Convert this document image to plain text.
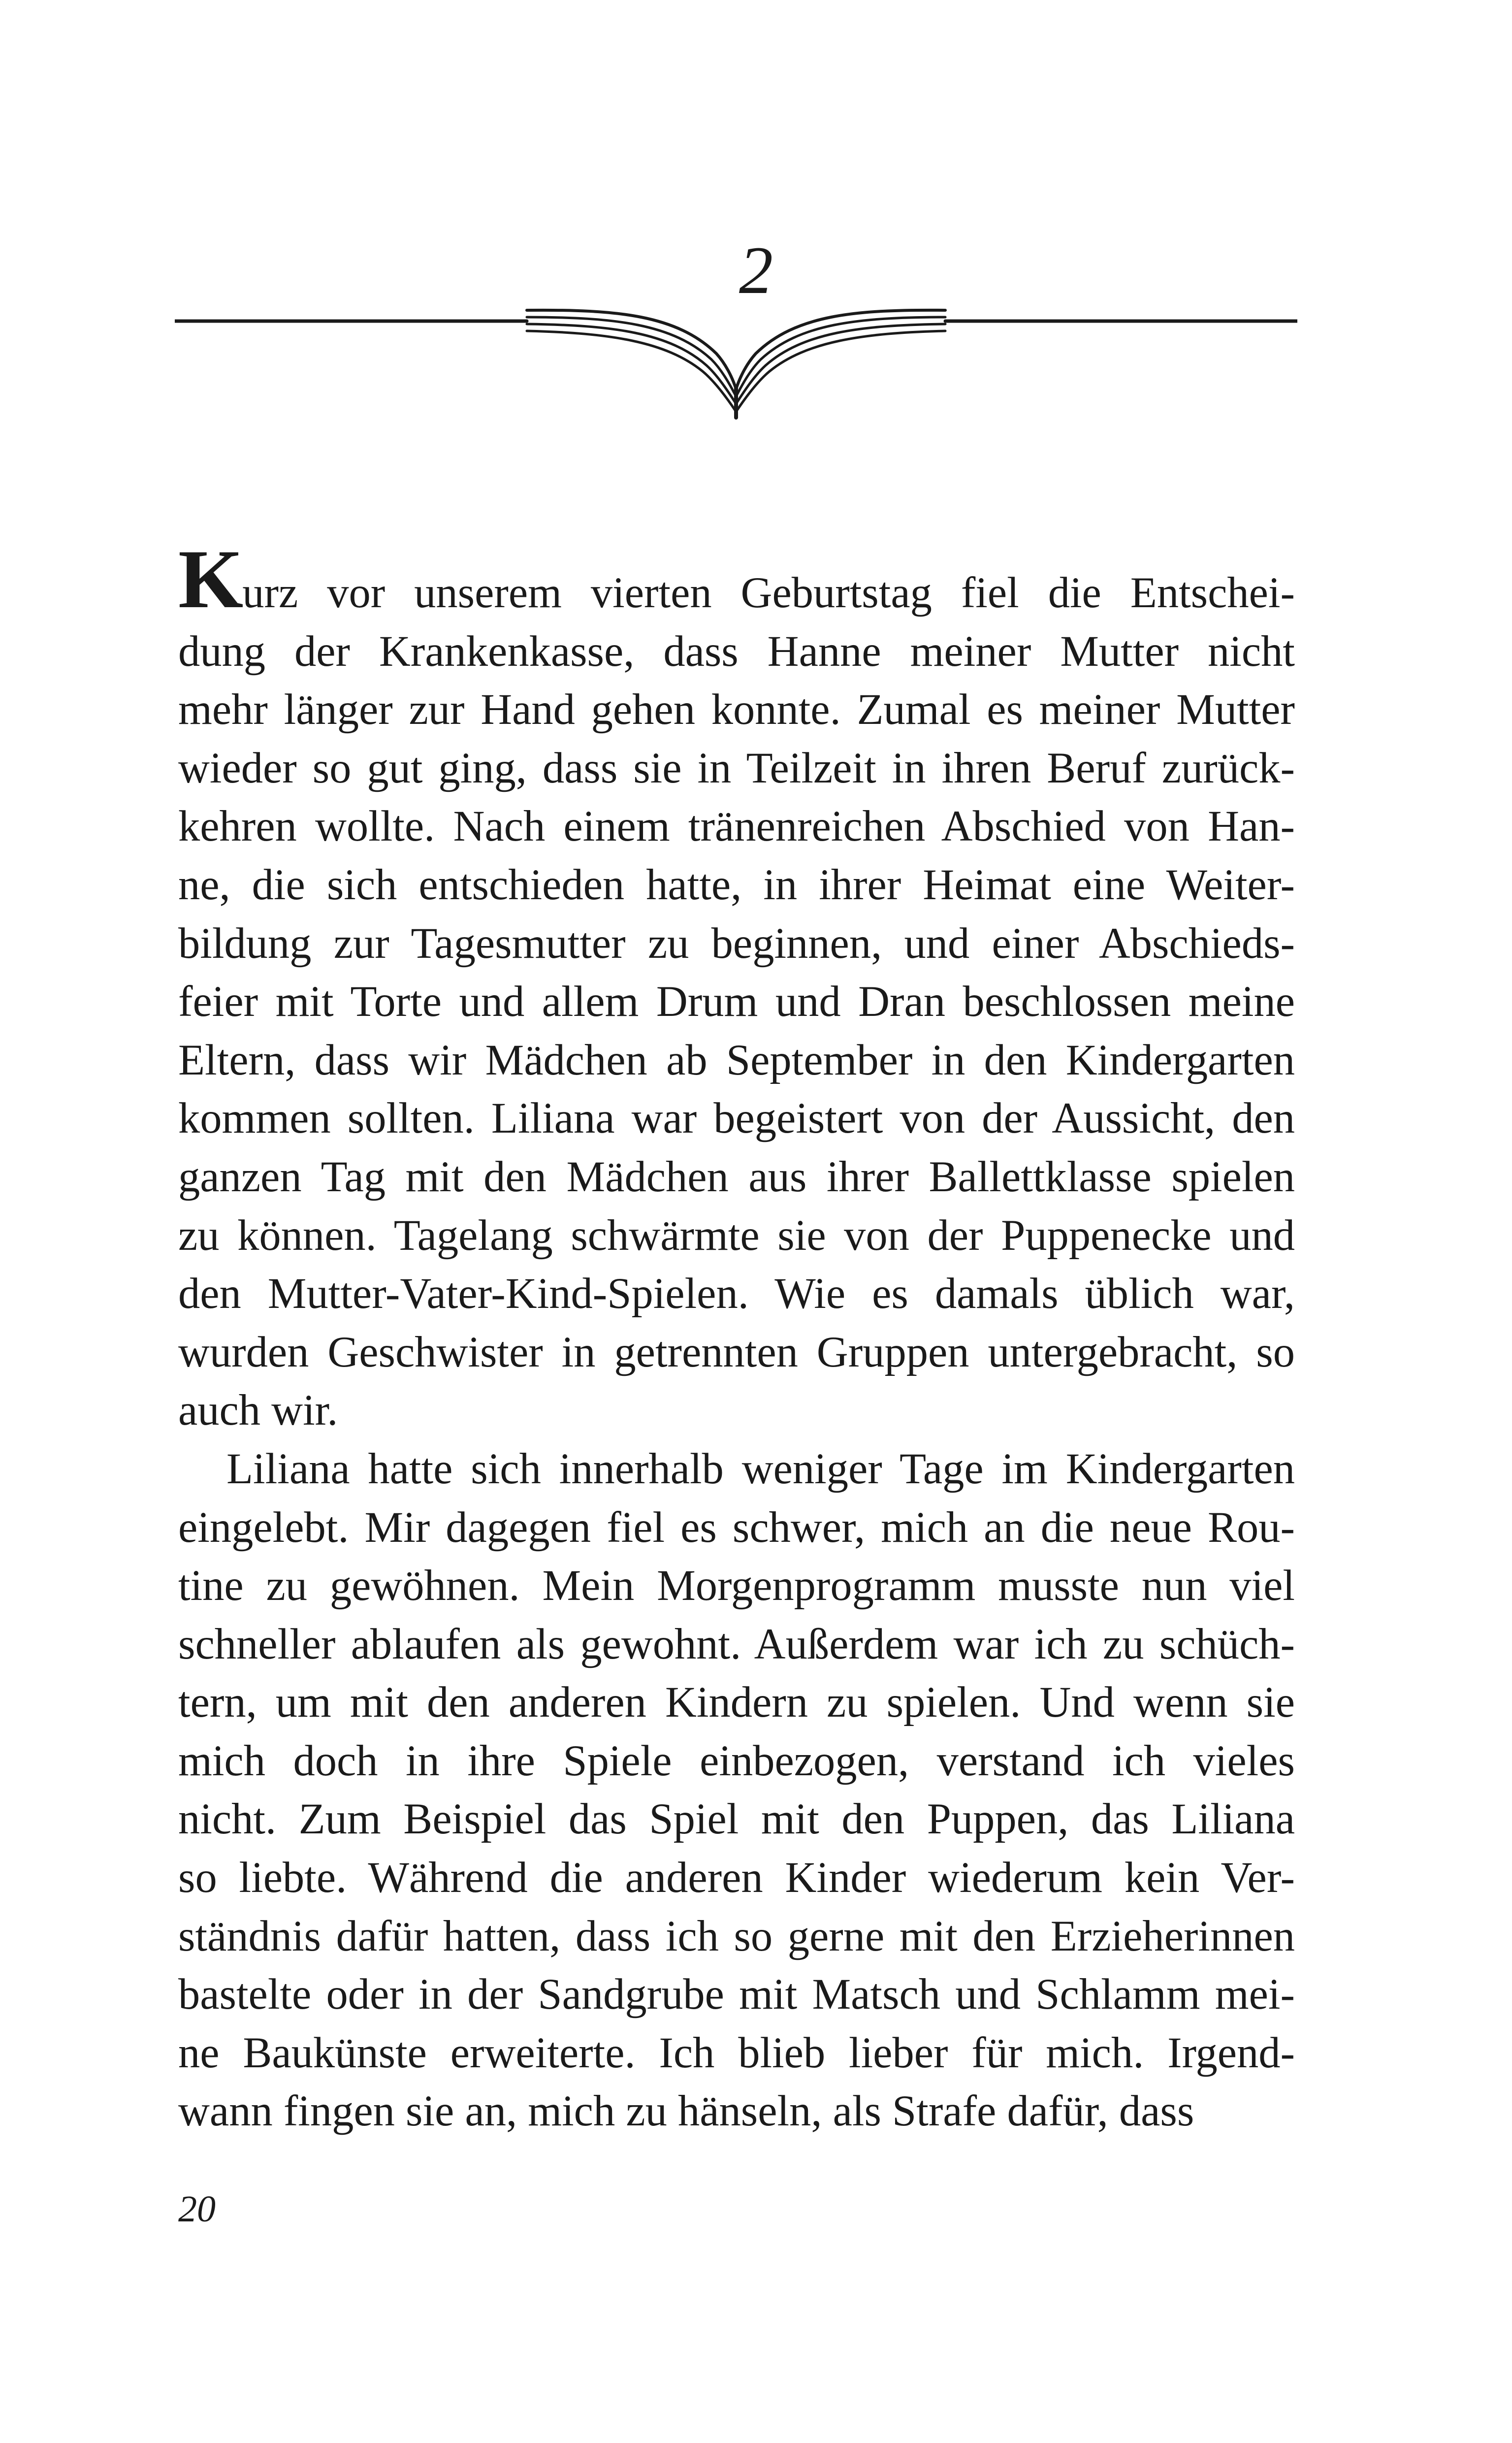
2

Kurz vor unserem vierten Geburtstag fiel die Entschei-
dung der Krankenkasse, dass Hanne meiner Mutter nicht
mehr länger zur Hand gehen konnte. Zumal es meiner Mutter
wieder so gut ging, dass sie in Teilzeit in ihren Beruf zurück-
kehren wollte. Nach einem tränenreichen Abschied von Han-
ne, die sich entschieden hatte, in ihrer Heimat eine Weiter-
bildung zur Tagesmutter zu beginnen, und einer Abschieds-
feier mit Torte und allem Drum und Dran beschlossen meine
Eltern, dass wir Mädchen ab September in den Kindergarten
kommen sollten. Liliana war begeistert von der Aussicht, den
ganzen Tag mit den Mädchen aus ihrer Ballettklasse spielen
zu können. Tagelang schwärmte sie von der Puppenecke und
den Mutter-Vater-Kind-Spielen. Wie es damals üblich war,
wurden Geschwister in getrennten Gruppen untergebracht, so
auch wir.

Liliana hatte sich innerhalb weniger Tage im Kindergarten
eingelebt. Mir dagegen fiel es schwer, mich an die neue Rou-
tine zu gewöhnen. Mein Morgenprogramm musste nun viel
schneller ablaufen als gewohnt. Außerdem war ich zu schüch-
tern, um mit den anderen Kindern zu spielen. Und wenn sie
mich doch in ihre Spiele einbezogen, verstand ich vieles
nicht. Zum Beispiel das Spiel mit den Puppen, das Liliana
so liebte. Während die anderen Kinder wiederum kein Ver-
ständnis dafür hatten, dass ich so gerne mit den Erzieherinnen
bastelte oder in der Sandgrube mit Matsch und Schlamm mei-
ne Baukünste erweiterte. Ich blieb lieber für mich. Irgend-
wann fingen sie an, mich zu hänseln, als Strafe dafür, dass

20
